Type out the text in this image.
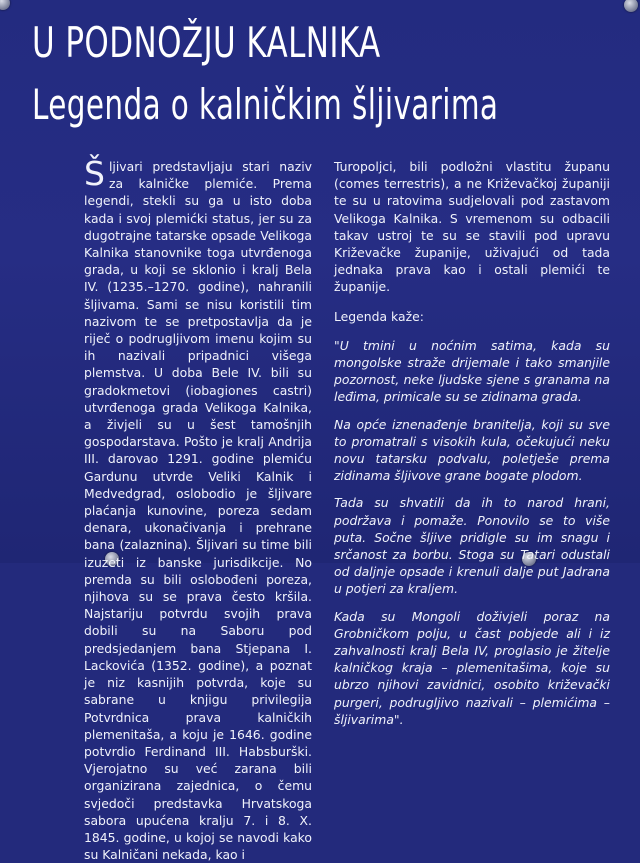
U PODNOŽJU KALNIKA
Legenda o kalničkim šljivarima
Š ljivari predstavljaju stari naziv za kalničke plemiće. Prema legendi, stekli su ga u isto doba kada i svoj plemićki status, jer su za dugotrajne tatarske opsade Velikoga Kalnika stanovnike toga utvrđenoga grada, u koji se sklonio i kralj Bela IV. (1235.–1270. godine), nahranili šljivama. Sami se nisu koristili tim nazivom te se pretpostavlja da je riječ o podrugljivom imenu kojim su ih nazivali pripadnici višega plemstva. U doba Bele IV. bili su gradokmetovi (iobagiones castri) utvrđenoga grada Velikoga Kalnika, a živjeli su u šest tamošnjih gospodarstava. Pošto je kralj Andrija III. darovao 1291. godine plemiću Gardunu utvrde Veliki Kalnik i Medvedgrad, oslobodio je šljivare plaćanja kunovine, poreza sedam denara, ukonačivanja i prehrane bana (zalaznina). Šljivari su time bili izuzeti iz banske jurisdikcije. No premda su bili oslobođeni poreza, njihova su se prava često kršila. Najstariju potvrdu svojih prava dobili su na Saboru pod predsjedanjem bana Stjepana I. Lackovića (1352. godine), a poznat je niz kasnijih potvrda, koje su sabrane u knjigu privilegija Potvrdnica prava kalničkih plemenitaša, a koju je 1646. godine potvrdio Ferdinand III. Habsburški. Vjerojatno su već zarana bili organizirana zajednica, o čemu svjedoči predstavka Hrvatskoga sabora upućena kralju 7. i 8. X. 1845. godine, u kojoj se navodi kako su Kalničani nekada, kao i

Turopoljci, bili podložni vlastitu županu (comes terrestris), a ne Križevačkoj županiji te su u ratovima sudjelovali pod zastavom Velikoga Kalnika. S vremenom su odbacili takav ustroj te su se stavili pod upravu Križevačke županije, uživajući od tada jednaka prava kao i ostali plemići te županije.

Legenda kaže:

"U tmini u noćnim satima, kada su mongolske straže drijemale i tako smanjile pozornost, neke ljudske sjene s granama na leđima, primicale su se zidinama grada.

Na općе iznenađenje branitelja, koji su sve to promatrali s visokih kula, očekujući neku novu tatarsku podvalu, poletješe prema zidinama šljivove grane bogate plodom.

Tada su shvatili da ih to narod hrani, podržava i pomaže. Ponovilo se to više puta. Sočne šljive pridigle su im snagu i srčanost za borbu. Stoga su Tatari odustali od daljnje opsade i krenuli dalje put Jadrana u potjeri za kraljem.

Kada su Mongoli doživjeli poraz na Grobničkom polju, u čast pobjede ali i iz zahvalnosti kralj Bela IV, proglasio je žitelje kalničkog kraja – plemenitašima, koje su ubrzo njihovi zavidnici, osobito križevački purgeri, podrugljivo nazivali – plemićima – šljivarima".
